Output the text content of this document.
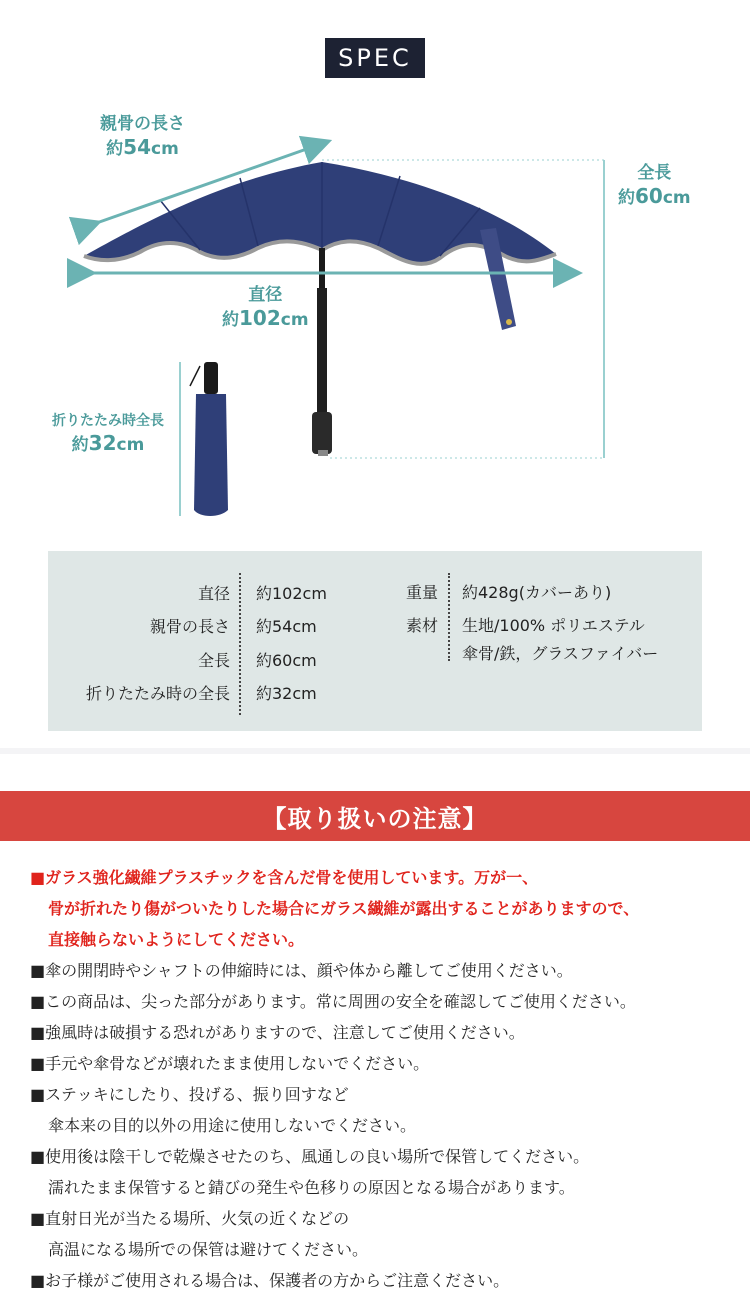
SPEC
親骨の長さ
約54cm
全長
約60cm
直径
約102cm
折りたたみ時全長
約32cm
直径 約102cm
親骨の長さ 約54cm
全長 約60cm
折りたたみ時の全長 約32cm
重量 約428g(カバーあり)
素材 生地/100% ポリエステル
傘骨/鉄，グラスファイバー
【取り扱いの注意】
■ガラス強化繊維プラスチックを含んだ骨を使用しています。万が一、
骨が折れたり傷がついたりした場合にガラス繊維が露出することがありますので、
直接触らないようにしてください。
■傘の開閉時やシャフトの伸縮時には、顔や体から離してご使用ください。
■この商品は、尖った部分があります。常に周囲の安全を確認してご使用ください。
■強風時は破損する恐れがありますので、注意してご使用ください。
■手元や傘骨などが壊れたまま使用しないでください。
■ステッキにしたり、投げる、振り回すなど
傘本来の目的以外の用途に使用しないでください。
■使用後は陰干しで乾燥させたのち、風通しの良い場所で保管してください。
濡れたまま保管すると錆びの発生や色移りの原因となる場合があります。
■直射日光が当たる場所、火気の近くなどの
高温になる場所での保管は避けてください。
■お子様がご使用される場合は、保護者の方からご注意ください。
